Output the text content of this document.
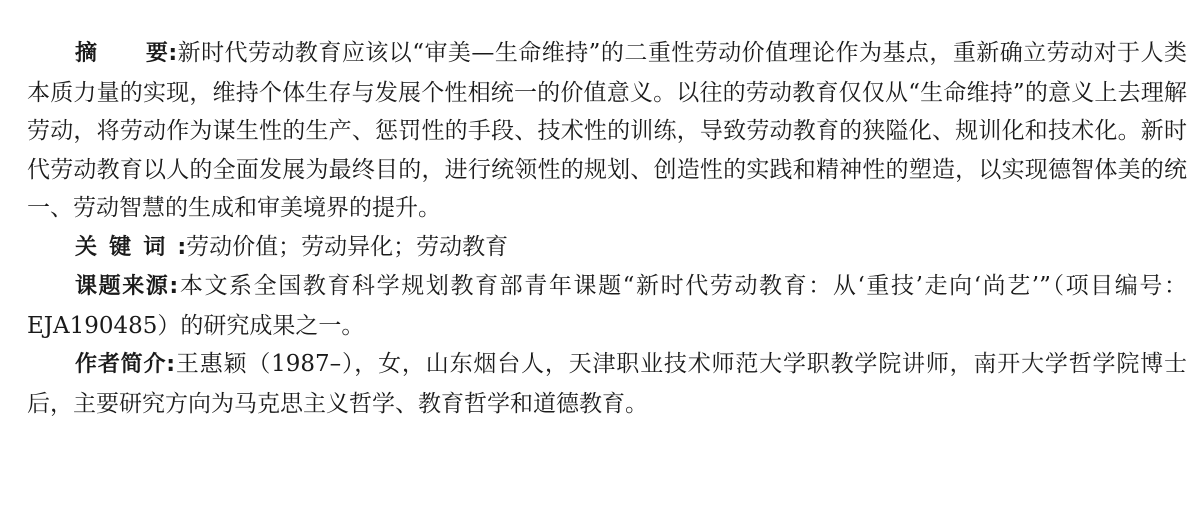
摘要:新时代劳动教育应该以“审美—生命维持”的二重性劳动价值理论作为基点，重新确立劳动对于人类本质力量的实现，维持个体生存与发展个性相统一的价值意义。以往的劳动教育仅仅从“生命维持”的意义上去理解劳动，将劳动作为谋生性的生产、惩罚性的手段、技术性的训练，导致劳动教育的狭隘化、规训化和技术化。新时代劳动教育以人的全面发展为最终目的，进行统领性的规划、创造性的实践和精神性的塑造，以实现德智体美的统一、劳动智慧的生成和审美境界的提升。

关键词:劳动价值；劳动异化；劳动教育

课题来源:本文系全国教育科学规划教育部青年课题“新时代劳动教育：从‘重技’走向‘尚艺’”（项目编号：EJA190485）的研究成果之一。

作者简介:王惠颖（1987–），女，山东烟台人，天津职业技术师范大学职教学院讲师，南开大学哲学院博士后，主要研究方向为马克思主义哲学、教育哲学和道德教育。
